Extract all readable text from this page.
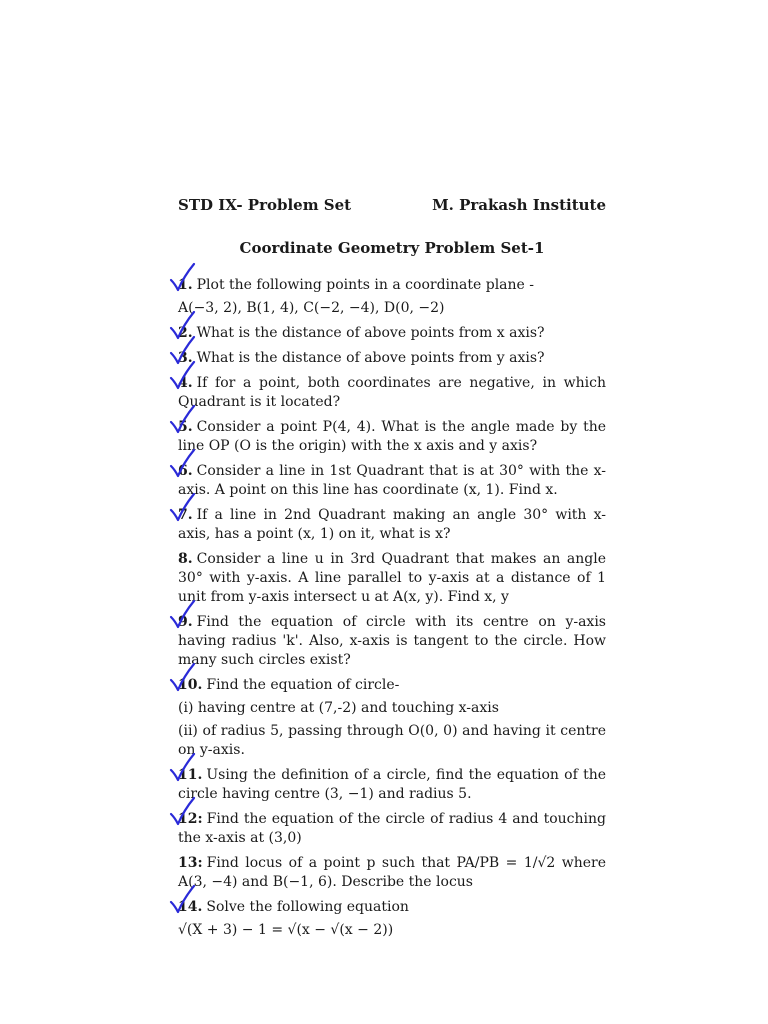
STD IX- Problem Set	M. Prakash Institute
Coordinate Geometry Problem Set-1
1. Plot the following points in a coordinate plane -
A(−3, 2), B(1, 4), C(−2, −4), D(0, −2)
2. What is the distance of above points from x axis?
3. What is the distance of above points from y axis?
4. If for a point, both coordinates are negative, in which Quadrant is it located?
5. Consider a point P(4, 4). What is the angle made by the line OP (O is the origin) with the x axis and y axis?
6. Consider a line in 1st Quadrant that is at 30° with the x-axis. A point on this line has coordinate (x, 1). Find x.
7. If a line in 2nd Quadrant making an angle 30° with x-axis, has a point (x, 1) on it, what is x?
8. Consider a line u in 3rd Quadrant that makes an angle 30° with y-axis. A line parallel to y-axis at a distance of 1 unit from y-axis intersect u at A(x, y). Find x, y
9. Find the equation of circle with its centre on y-axis having radius 'k'. Also, x-axis is tangent to the circle. How many such circles exist?
10. Find the equation of circle-
(i) having centre at (7,-2) and touching x-axis
(ii) of radius 5, passing through O(0, 0) and having it centre on y-axis.
11. Using the definition of a circle, find the equation of the circle having centre (3, −1) and radius 5.
12: Find the equation of the circle of radius 4 and touching the x-axis at (3,0)
13: Find locus of a point p such that PA/PB = 1/√2 where A(3, −4) and B(−1, 6). Describe the locus
14. Solve the following equation
√(X + 3) − 1 = √(x − √(x − 2))
